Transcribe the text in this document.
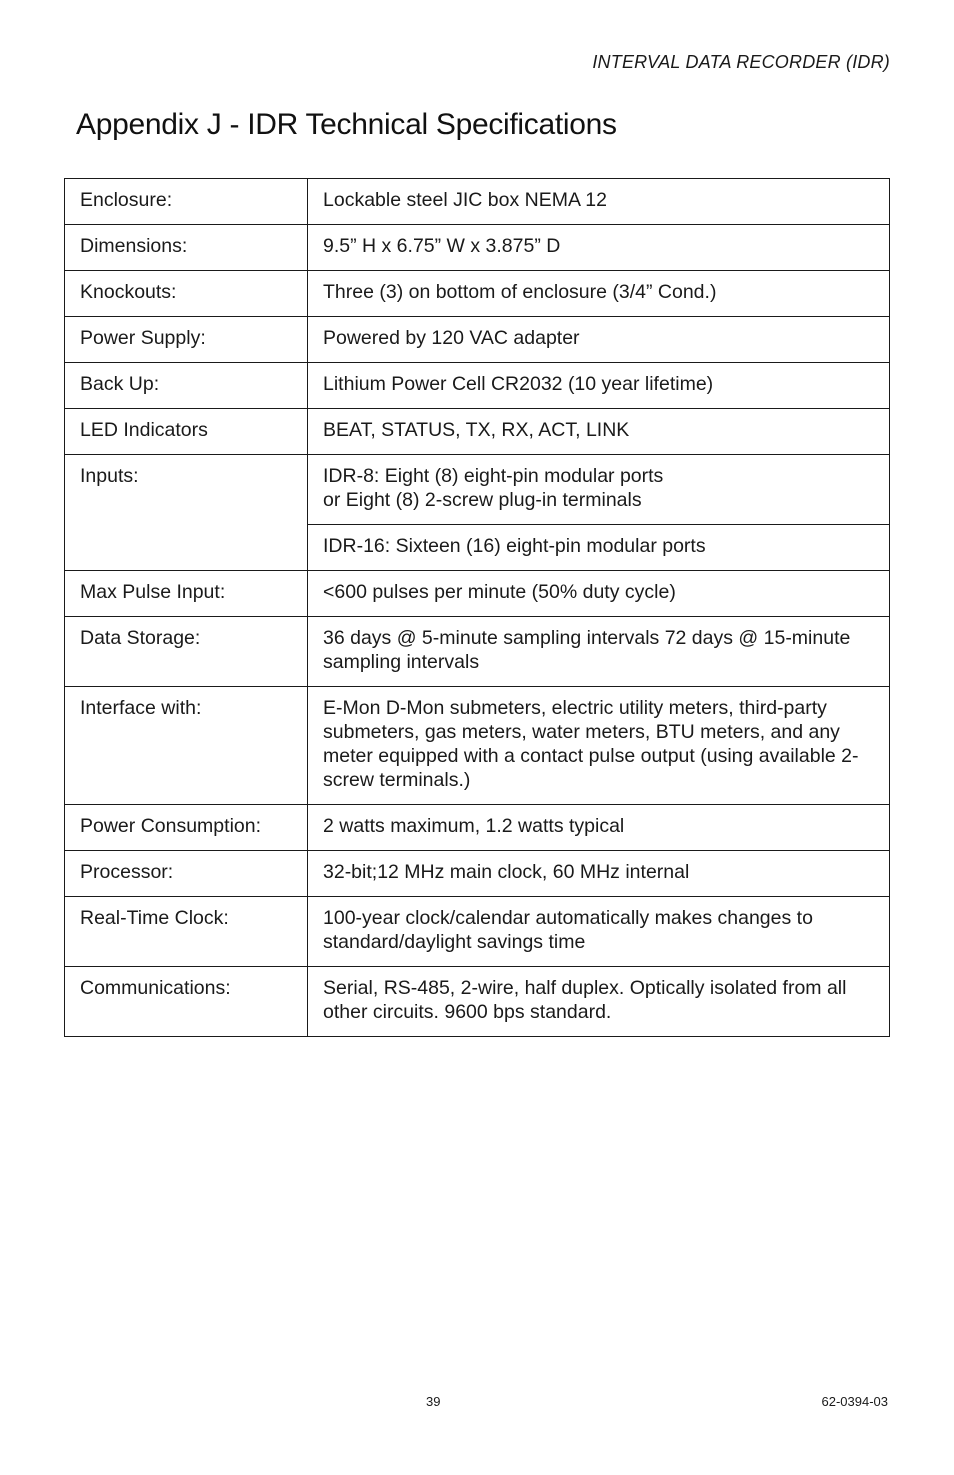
INTERVAL DATA RECORDER (IDR)
Appendix J - IDR Technical Specifications
Enclosure:	Lockable steel JIC box NEMA 12
Dimensions:	9.5” H x 6.75” W x 3.875” D
Knockouts:	Three (3) on bottom of enclosure (3/4” Cond.)
Power Supply:	Powered by 120 VAC adapter
Back Up:	Lithium Power Cell CR2032 (10 year lifetime)
LED Indicators	BEAT, STATUS, TX, RX, ACT, LINK
Inputs:	IDR-8: Eight (8) eight-pin modular ports
or Eight (8) 2-screw plug-in terminals

	IDR-16: Sixteen (16) eight-pin modular ports
Max Pulse Input:	<600 pulses per minute (50% duty cycle)
Data Storage:	36 days @ 5-minute sampling intervals 72 days @ 15-minute sampling intervals
Interface with:	E-Mon D-Mon submeters, electric utility meters, third-party submeters, gas meters, water meters, BTU meters, and any meter equipped with a contact pulse output (using available 2-screw terminals.)
Power Consumption:	2 watts maximum, 1.2 watts typical
Processor:	32-bit;12 MHz main clock, 60 MHz internal
Real-Time Clock:	100-year clock/calendar automatically makes changes to standard/daylight savings time
Communications:	Serial, RS-485, 2-wire, half duplex. Optically isolated from all other circuits. 9600 bps standard.
39	62-0394-03
